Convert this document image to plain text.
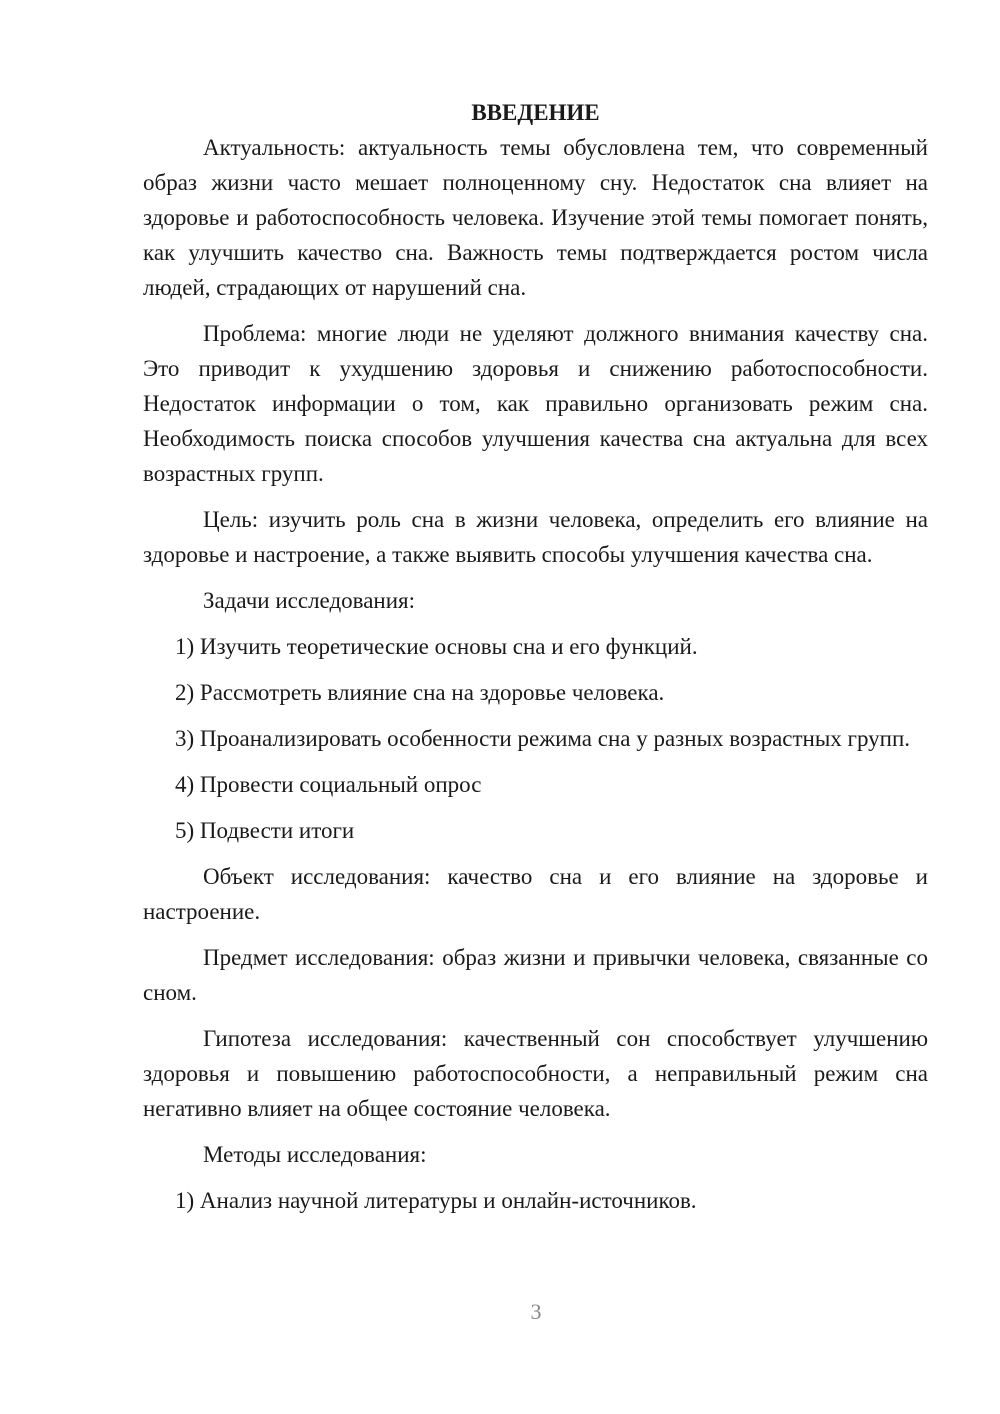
ВВЕДЕНИЕ

Актуальность: актуальность темы обусловлена тем, что современный образ жизни часто мешает полноценному сну. Недостаток сна влияет на здоровье и работоспособность человека. Изучение этой темы помогает понять, как улучшить качество сна. Важность темы подтверждается ростом числа людей, страдающих от нарушений сна.

Проблема: многие люди не уделяют должного внимания качеству сна. Это приводит к ухудшению здоровья и снижению работоспособности. Недостаток информации о том, как правильно организовать режим сна. Необходимость поиска способов улучшения качества сна актуальна для всех возрастных групп.

Цель: изучить роль сна в жизни человека, определить его влияние на здоровье и настроение, а также выявить способы улучшения качества сна.

Задачи исследования:

1) Изучить теоретические основы сна и его функций.

2) Рассмотреть влияние сна на здоровье человека.

3) Проанализировать особенности режима сна у разных возрастных групп.

4) Провести социальный опрос

5) Подвести итоги

Объект исследования: качество сна и его влияние на здоровье и настроение.

Предмет исследования: образ жизни и привычки человека, связанные со сном.

Гипотеза исследования: качественный сон способствует улучшению здоровья и повышению работоспособности, а неправильный режим сна негативно влияет на общее состояние человека.

Методы исследования:

1) Анализ научной литературы и онлайн-источников.

3
